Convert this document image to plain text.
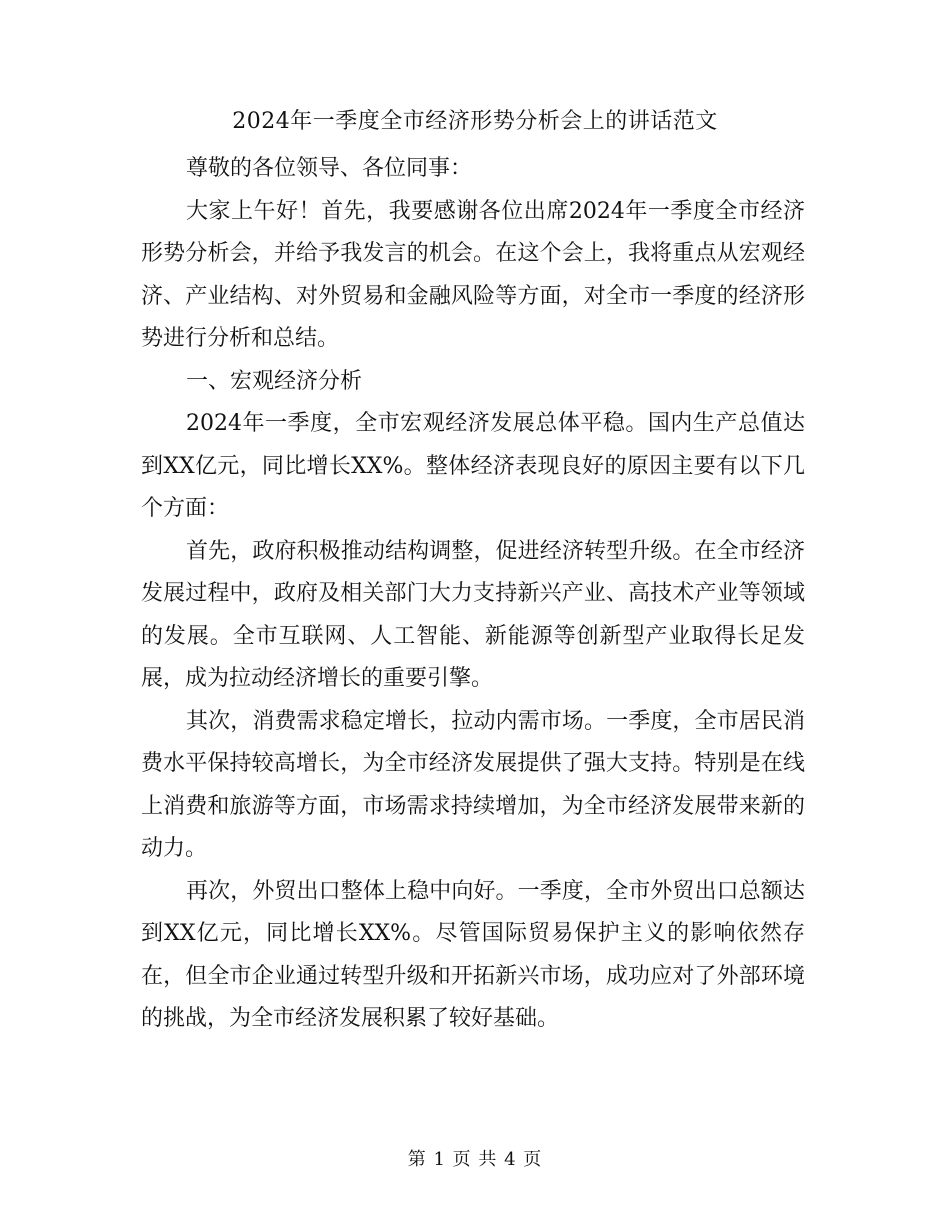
2024年一季度全市经济形势分析会上的讲话范文

尊敬的各位领导、各位同事：

大家上午好！首先，我要感谢各位出席2024年一季度全市经济形势分析会，并给予我发言的机会。在这个会上，我将重点从宏观经济、产业结构、对外贸易和金融风险等方面，对全市一季度的经济形势进行分析和总结。

一、宏观经济分析

2024年一季度，全市宏观经济发展总体平稳。国内生产总值达到XX亿元，同比增长XX%。整体经济表现良好的原因主要有以下几个方面：

首先，政府积极推动结构调整，促进经济转型升级。在全市经济发展过程中，政府及相关部门大力支持新兴产业、高技术产业等领域的发展。全市互联网、人工智能、新能源等创新型产业取得长足发展，成为拉动经济增长的重要引擎。

其次，消费需求稳定增长，拉动内需市场。一季度，全市居民消费水平保持较高增长，为全市经济发展提供了强大支持。特别是在线上消费和旅游等方面，市场需求持续增加，为全市经济发展带来新的动力。

再次，外贸出口整体上稳中向好。一季度，全市外贸出口总额达到XX亿元，同比增长XX%。尽管国际贸易保护主义的影响依然存在，但全市企业通过转型升级和开拓新兴市场，成功应对了外部环境的挑战，为全市经济发展积累了较好基础。

第 1 页 共 4 页
